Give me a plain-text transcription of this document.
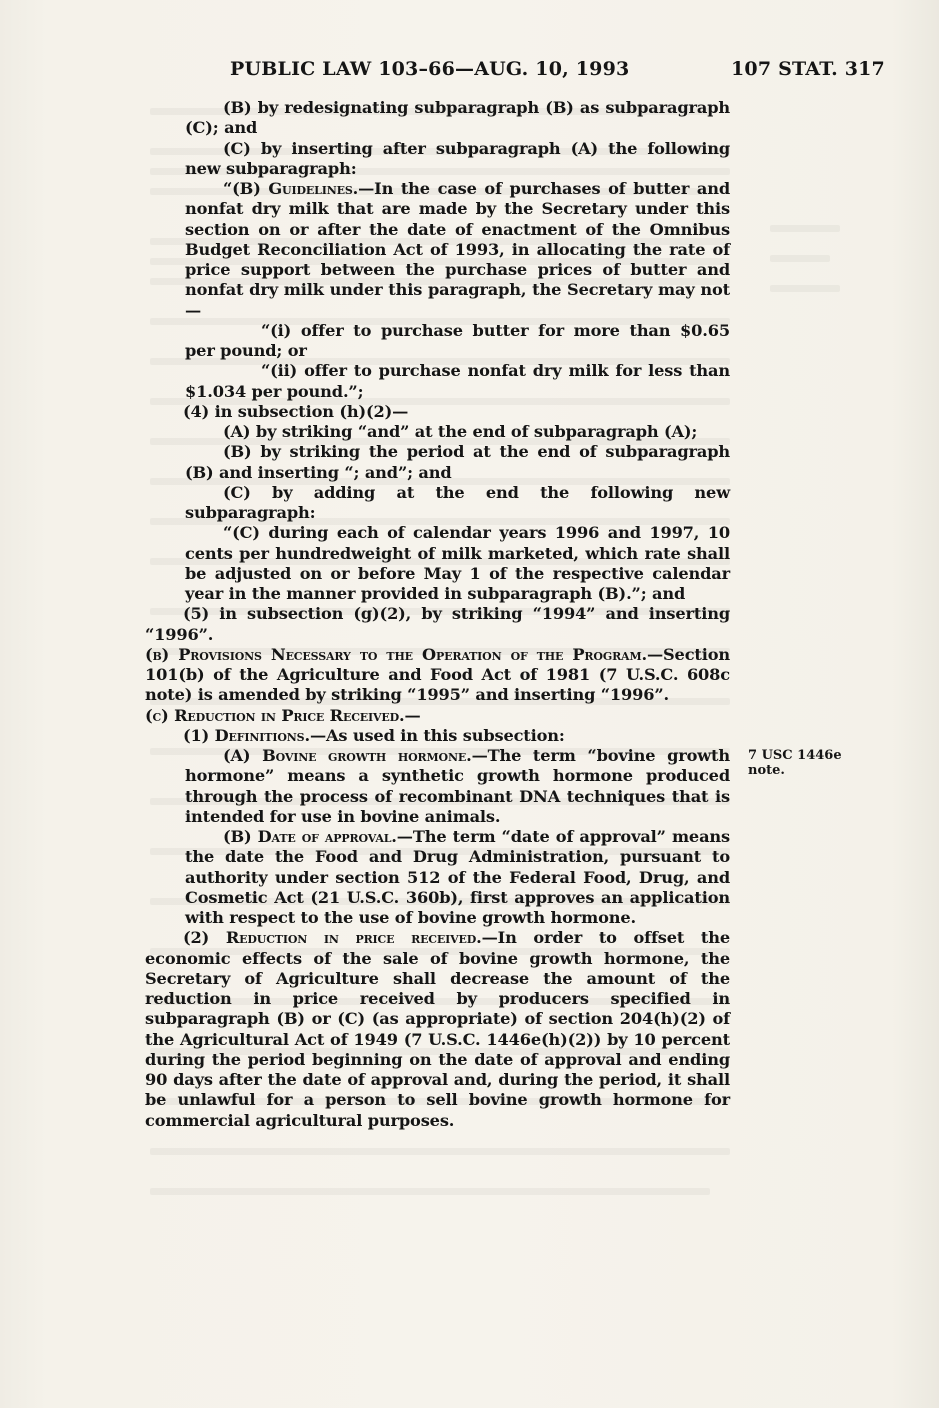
PUBLIC LAW 103–66—AUG. 10, 1993	107 STAT. 317
7 USC 1446e
note.

(B) by redesignating subparagraph (B) as subparagraph (C); and

(C) by inserting after subparagraph (A) the following new subparagraph:

“(B) Guidelines.—In the case of purchases of butter and nonfat dry milk that are made by the Secretary under this section on or after the date of enactment of the Omnibus Budget Reconciliation Act of 1993, in allocating the rate of price support between the purchase prices of butter and nonfat dry milk under this paragraph, the Secretary may not—

“(i) offer to purchase butter for more than $0.65 per pound; or

“(ii) offer to purchase nonfat dry milk for less than $1.034 per pound.”;

(4) in subsection (h)(2)—

(A) by striking “and” at the end of subparagraph (A);

(B) by striking the period at the end of subparagraph (B) and inserting “; and”; and

(C) by adding at the end the following new subparagraph:

“(C) during each of calendar years 1996 and 1997, 10 cents per hundredweight of milk marketed, which rate shall be adjusted on or before May 1 of the respective calendar year in the manner provided in subparagraph (B).”; and

(5) in subsection (g)(2), by striking “1994” and inserting “1996”.

(b) Provisions Necessary to the Operation of the Program.—Section 101(b) of the Agriculture and Food Act of 1981 (7 U.S.C. 608c note) is amended by striking “1995” and inserting “1996”.

(c) Reduction in Price Received.—

(1) Definitions.—As used in this subsection:

(A) Bovine growth hormone.—The term “bovine growth hormone” means a synthetic growth hormone produced through the process of recombinant DNA techniques that is intended for use in bovine animals.

(B) Date of approval.—The term “date of approval” means the date the Food and Drug Administration, pursuant to authority under section 512 of the Federal Food, Drug, and Cosmetic Act (21 U.S.C. 360b), first approves an application with respect to the use of bovine growth hormone.

(2) Reduction in price received.—In order to offset the economic effects of the sale of bovine growth hormone, the Secretary of Agriculture shall decrease the amount of the reduction in price received by producers specified in subparagraph (B) or (C) (as appropriate) of section 204(h)(2) of the Agricultural Act of 1949 (7 U.S.C. 1446e(h)(2)) by 10 percent during the period beginning on the date of approval and ending 90 days after the date of approval and, during the period, it shall be unlawful for a person to sell bovine growth hormone for commercial agricultural purposes.
